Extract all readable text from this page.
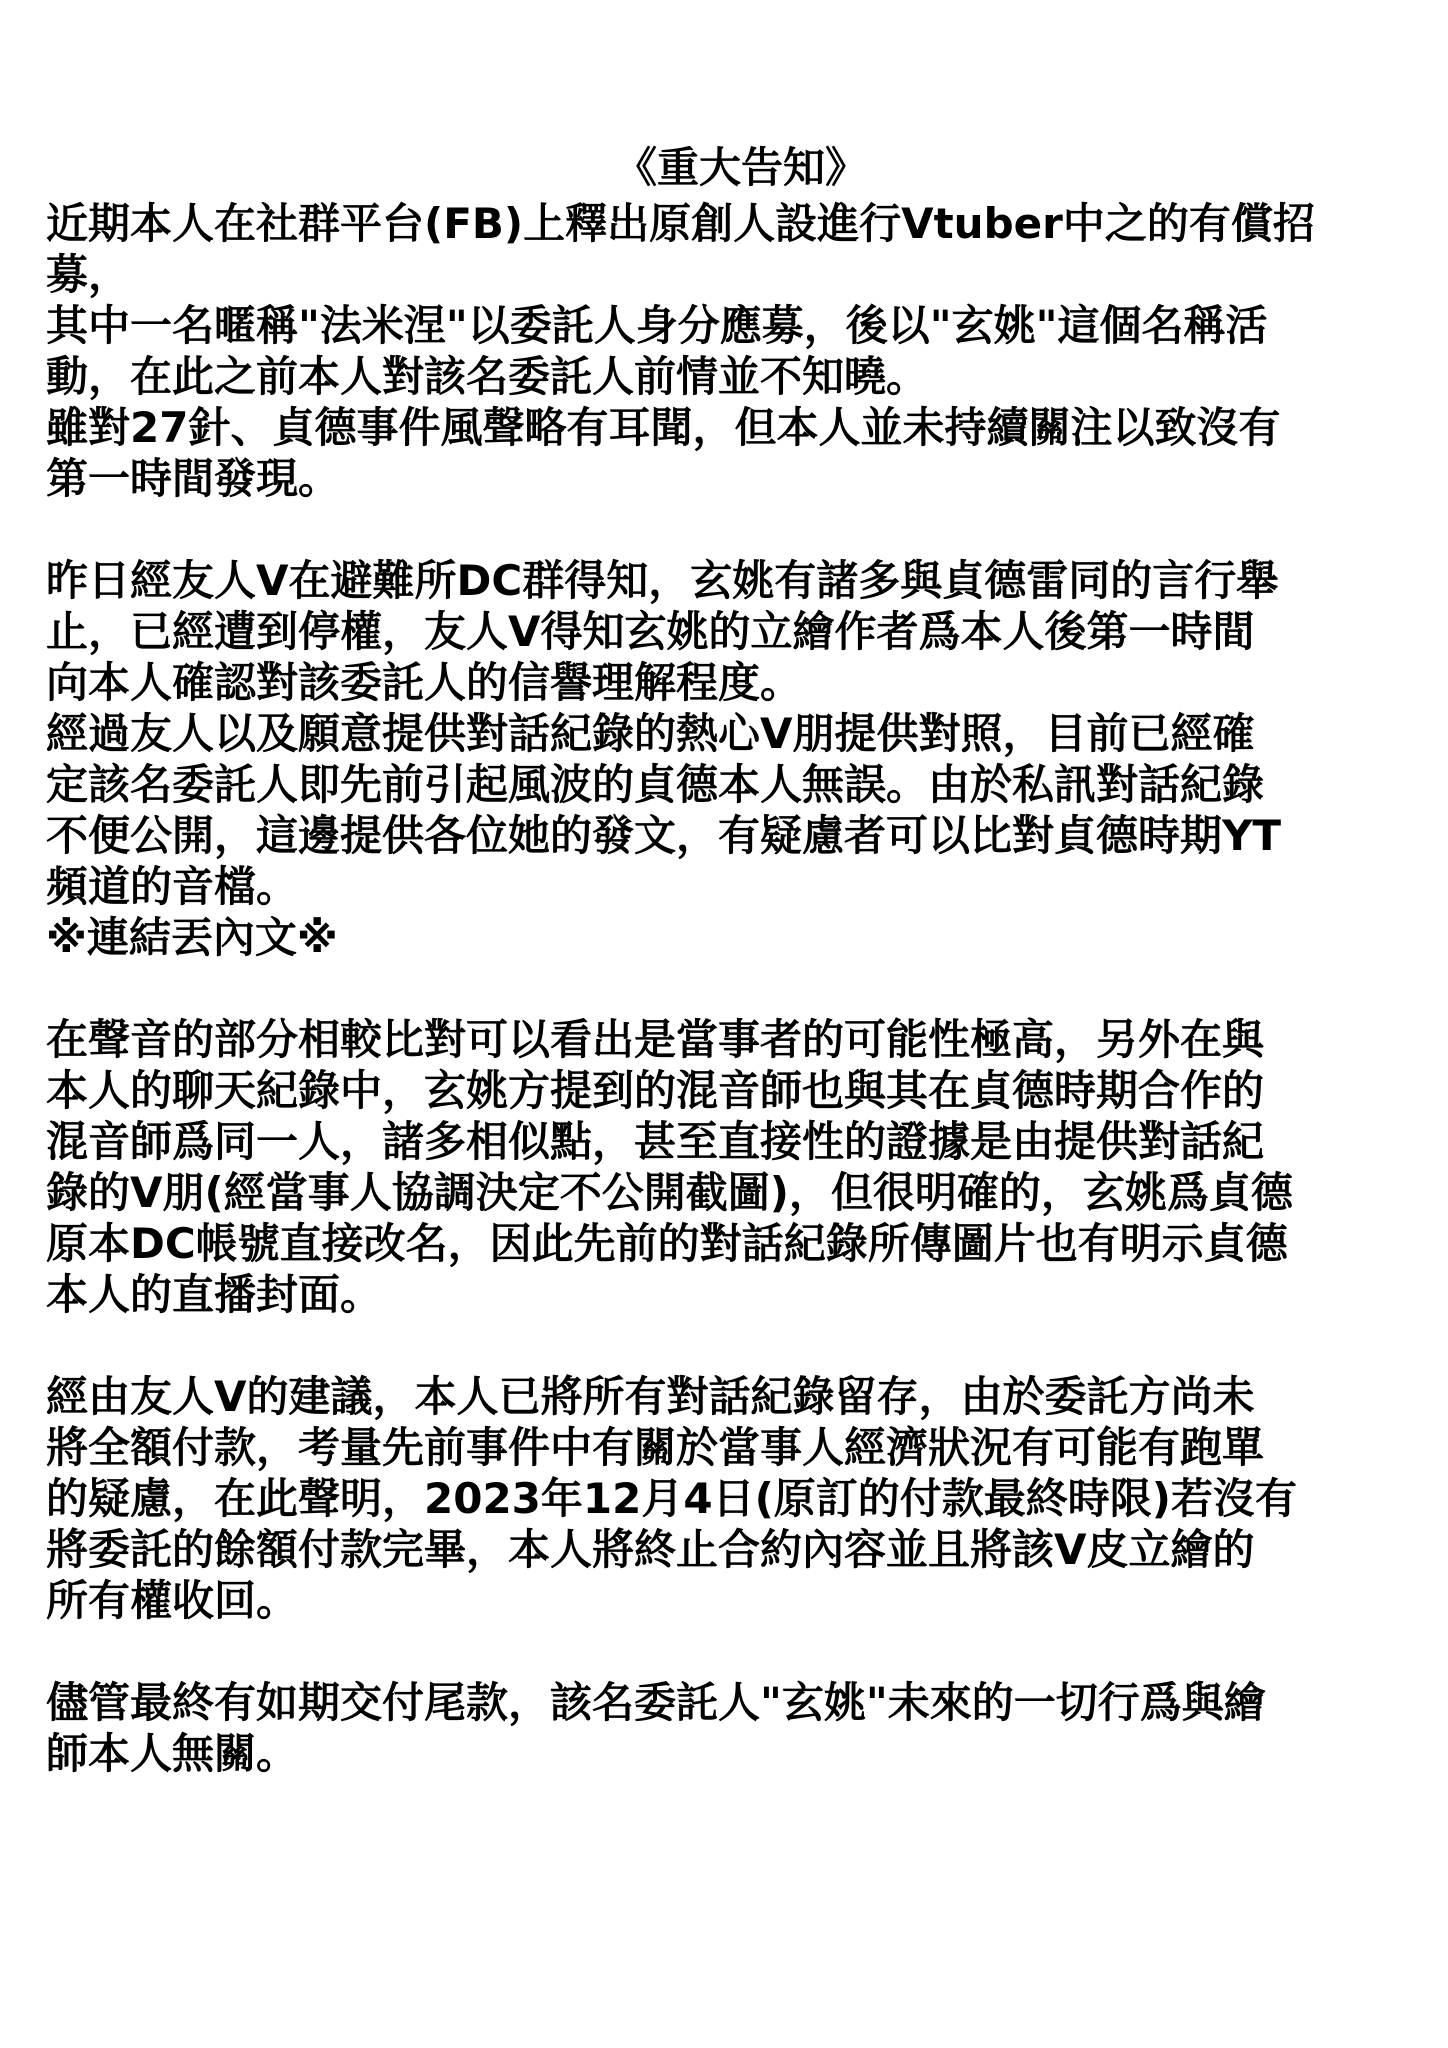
《重大告知》
近期本人在社群平台(FB)上釋出原創人設進行Vtuber中之的有償招
募，
其中一名暱稱"法米涅"以委託人身分應募，後以"玄姚"這個名稱活
動，在此之前本人對該名委託人前情並不知曉。
雖對27針、貞德事件風聲略有耳聞，但本人並未持續關注以致沒有
第一時間發現。
昨日經友人V在避難所DC群得知，玄姚有諸多與貞德雷同的言行舉
止，已經遭到停權，友人V得知玄姚的立繪作者爲本人後第一時間
向本人確認對該委託人的信譽理解程度。
經過友人以及願意提供對話紀錄的熱心V朋提供對照，目前已經確
定該名委託人即先前引起風波的貞德本人無誤。由於私訊對話紀錄
不便公開，這邊提供各位她的發文，有疑慮者可以比對貞德時期YT
頻道的音檔。
※連結丟內文※
在聲音的部分相較比對可以看出是當事者的可能性極高，另外在與
本人的聊天紀錄中，玄姚方提到的混音師也與其在貞德時期合作的
混音師爲同一人，諸多相似點，甚至直接性的證據是由提供對話紀
錄的V朋(經當事人協調決定不公開截圖)，但很明確的，玄姚爲貞德
原本DC帳號直接改名，因此先前的對話紀錄所傳圖片也有明示貞德
本人的直播封面。
經由友人V的建議，本人已將所有對話紀錄留存，由於委託方尚未
將全額付款，考量先前事件中有關於當事人經濟狀況有可能有跑單
的疑慮，在此聲明，2023年12月4日(原訂的付款最終時限)若沒有
將委託的餘額付款完畢，本人將終止合約內容並且將該V皮立繪的
所有權收回。
儘管最終有如期交付尾款，該名委託人"玄姚"未來的一切行爲與繪
師本人無關。
